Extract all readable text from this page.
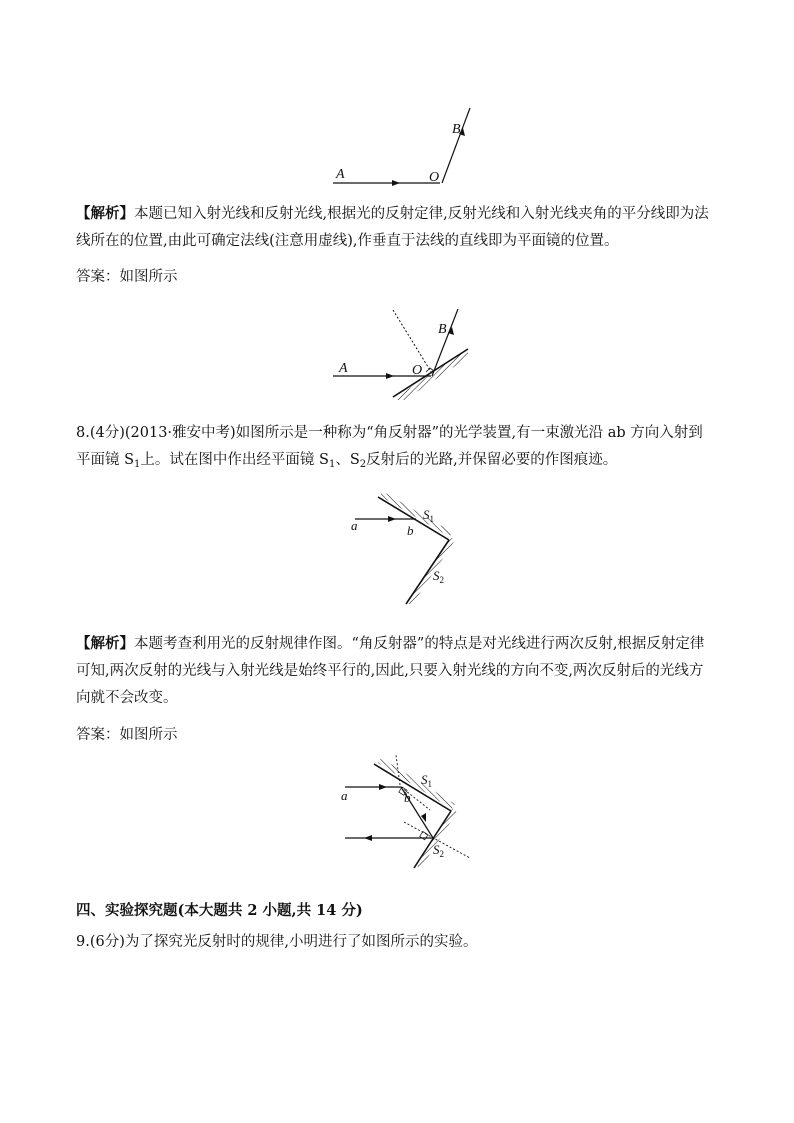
A	O
B

【解析】本题已知入射光线和反射光线,根据光的反射定律,反射光线和入射光线夹角的平分线即为法线所在的位置,由此可确定法线(注意用虚线),作垂直于法线的直线即为平面镜的位置。

答案：如图所示

A	O
B

8.(4分)(2013·雅安中考)如图所示是一种称为“角反射器”的光学装置,有一束激光沿 ab 方向入射到平面镜 $S_1$上。试在图中作出经平面镜 $S_1$、$S_2$反射后的光路,并保留必要的作图痕迹。

a	b
$S_1$
$S_2$

【解析】本题考查利用光的反射规律作图。“角反射器”的特点是对光线进行两次反射,根据反射定律可知,两次反射的光线与入射光线是始终平行的,因此,只要入射光线的方向不变,两次反射后的光线方向就不会改变。

答案：如图所示

a	b
$S_1$
$S_2$

四、实验探究题(本大题共 2 小题,共 14 分)

9.(6分)为了探究光反射时的规律,小明进行了如图所示的实验。
